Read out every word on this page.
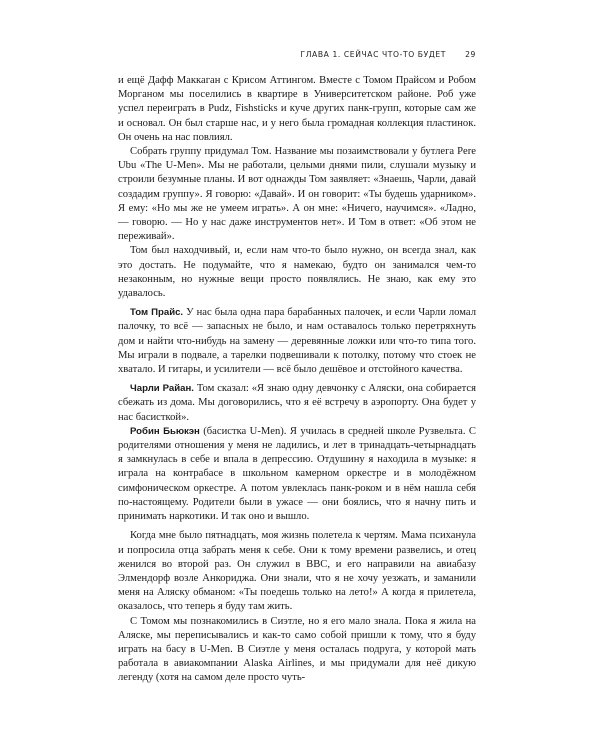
ГЛАВА 1. СЕЙЧАС ЧТО-ТО БУДЕТ	29

и ещё Дафф Маккаган с Крисом Аттингом. Вместе с Томом Прайсом и Робом Морганом мы поселились в квартире в Университетском районе. Роб уже успел переиграть в Pudz, Fishsticks и куче других панк-групп, которые сам же и основал. Он был старше нас, и у него была громадная коллекция пластинок. Он очень на нас повлиял.

Собрать группу придумал Том. Название мы позаимствовали у бутлега Pere Ubu «The U-Men». Мы не работали, целыми днями пили, слушали музыку и строили безумные планы. И вот однажды Том заявляет: «Знаешь, Чарли, давай создадим группу». Я говорю: «Давай». И он говорит: «Ты будешь ударником». Я ему: «Но мы же не умеем играть». А он мне: «Ничего, научимся». «Ладно, — говорю. — Но у нас даже инструментов нет». И Том в ответ: «Об этом не переживай».

Том был находчивый, и, если нам что-то было нужно, он всегда знал, как это достать. Не подумайте, что я намекаю, будто он занимался чем-то незаконным, но нужные вещи просто появлялись. Не знаю, как ему это удавалось.

Том Прайс. У нас была одна пара барабанных палочек, и если Чарли ломал палочку, то всё — запасных не было, и нам оставалось только перетряхнуть дом и найти что-нибудь на замену — деревянные ложки или что-то типа того. Мы играли в подвале, а тарелки подвешивали к потолку, потому что стоек не хватало. И гитары, и усилители — всё было дешёвое и отстойного качества.

Чарли Райан. Том сказал: «Я знаю одну девчонку с Аляски, она собирается сбежать из дома. Мы договорились, что я её встречу в аэропорту. Она будет у нас басисткой».

Робин Бьюкэн (басистка U-Men). Я училась в средней школе Рузвельта. С родителями отношения у меня не ладились, и лет в тринадцать-четырнадцать я замкнулась в себе и впала в депрессию. Отдушину я находила в музыке: я играла на контрабасе в школьном камерном оркестре и в молодёжном симфоническом оркестре. А потом увлеклась панк-роком и в нём нашла себя по-настоящему. Родители были в ужасе — они боялись, что я начну пить и принимать наркотики. И так оно и вышло.

Когда мне было пятнадцать, моя жизнь полетела к чертям. Мама психанула и попросила отца забрать меня к себе. Они к тому времени развелись, и отец женился во второй раз. Он служил в ВВС, и его направили на авиабазу Элмендорф возле Анкориджа. Они знали, что я не хочу уезжать, и заманили меня на Аляску обманом: «Ты поедешь только на лето!» А когда я прилетела, оказалось, что теперь я буду там жить.

С Томом мы познакомились в Сиэтле, но я его мало знала. Пока я жила на Аляске, мы переписывались и как-то само собой пришли к тому, что я буду играть на басу в U-Men. В Сиэтле у меня осталась подруга, у которой мать работала в авиакомпании Alaska Airlines, и мы придумали для неё дикую легенду (хотя на самом деле просто чуть-
